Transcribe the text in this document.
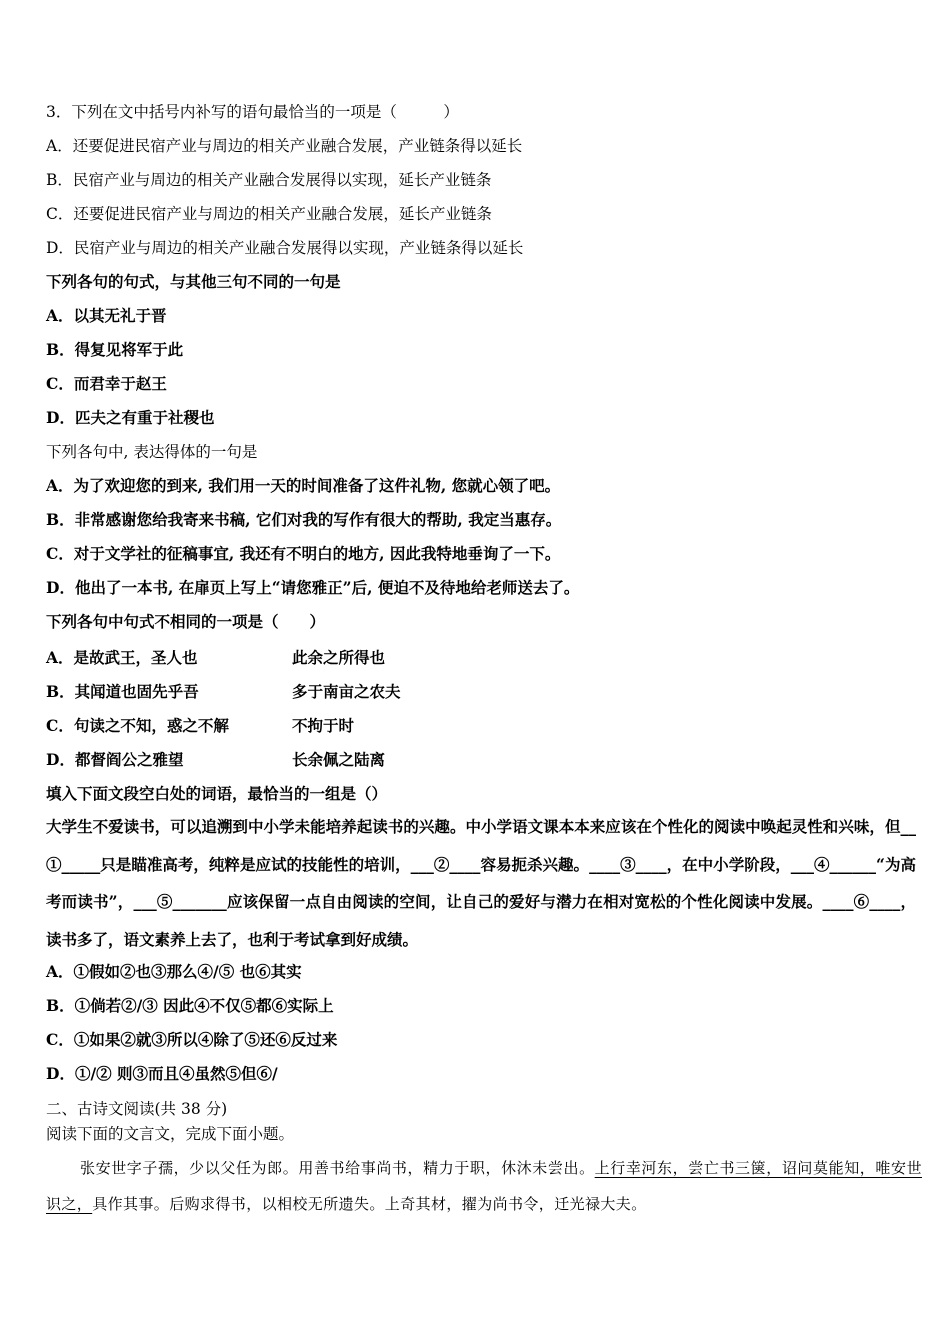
3．下列在文中括号内补写的语句最恰当的一项是（　　　）
A．还要促进民宿产业与周边的相关产业融合发展，产业链条得以延长
B．民宿产业与周边的相关产业融合发展得以实现，延长产业链条
C．还要促进民宿产业与周边的相关产业融合发展，延长产业链条
D．民宿产业与周边的相关产业融合发展得以实现，产业链条得以延长
下列各句的句式，与其他三句不同的一句是
A．以其无礼于晋
B．得复见将军于此
C．而君幸于赵王
D．匹夫之有重于社稷也
下列各句中, 表达得体的一句是
A．为了欢迎您的到来, 我们用一天的时间准备了这件礼物, 您就心领了吧。
B．非常感谢您给我寄来书稿, 它们对我的写作有很大的帮助, 我定当惠存。
C．对于文学社的征稿事宜, 我还有不明白的地方, 因此我特地垂询了一下。
D．他出了一本书, 在扉页上写上“请您雅正”后, 便迫不及待地给老师送去了。
下列各句中句式不相同的一项是（　　）
A．是故武王，圣人也	此余之所得也
B．其闻道也固先乎吾	多于南亩之农夫
C．句读之不知，惑之不解	不拘于时
D．都督阎公之雅望	长余佩之陆离
填入下面文段空白处的词语，最恰当的一组是（）
大学生不爱读书，可以追溯到中小学未能培养起读书的兴趣。中小学语文课本本来应该在个性化的阅读中唤起灵性和兴味，但__　①_____只是瞄准高考，纯粹是应试的技能性的培训，___②____容易扼杀兴趣。____③____，在中小学阶段，___④______“为高考而读书”，___⑤_______应该保留一点自由阅读的空间，让自己的爱好与潜力在相对宽松的个性化阅读中发展。____⑥____，读书多了，语文素养上去了，也利于考试拿到好成绩。
A．①假如②也③那么④/⑤ 也⑥其实
B．①倘若②/③ 因此④不仅⑤都⑥实际上
C．①如果②就③所以④除了⑤还⑥反过来
D．①/② 则③而且④虽然⑤但⑥/
二、古诗文阅读(共 38 分)
阅读下面的文言文，完成下面小题。
张安世字子孺，少以父任为郎。用善书给事尚书，精力于职，休沐未尝出。上行幸河东，尝亡书三箧，诏问莫能知，唯安世识之，具作其事。后购求得书，以相校无所遗失。上奇其材，擢为尚书令，迁光禄大夫。
